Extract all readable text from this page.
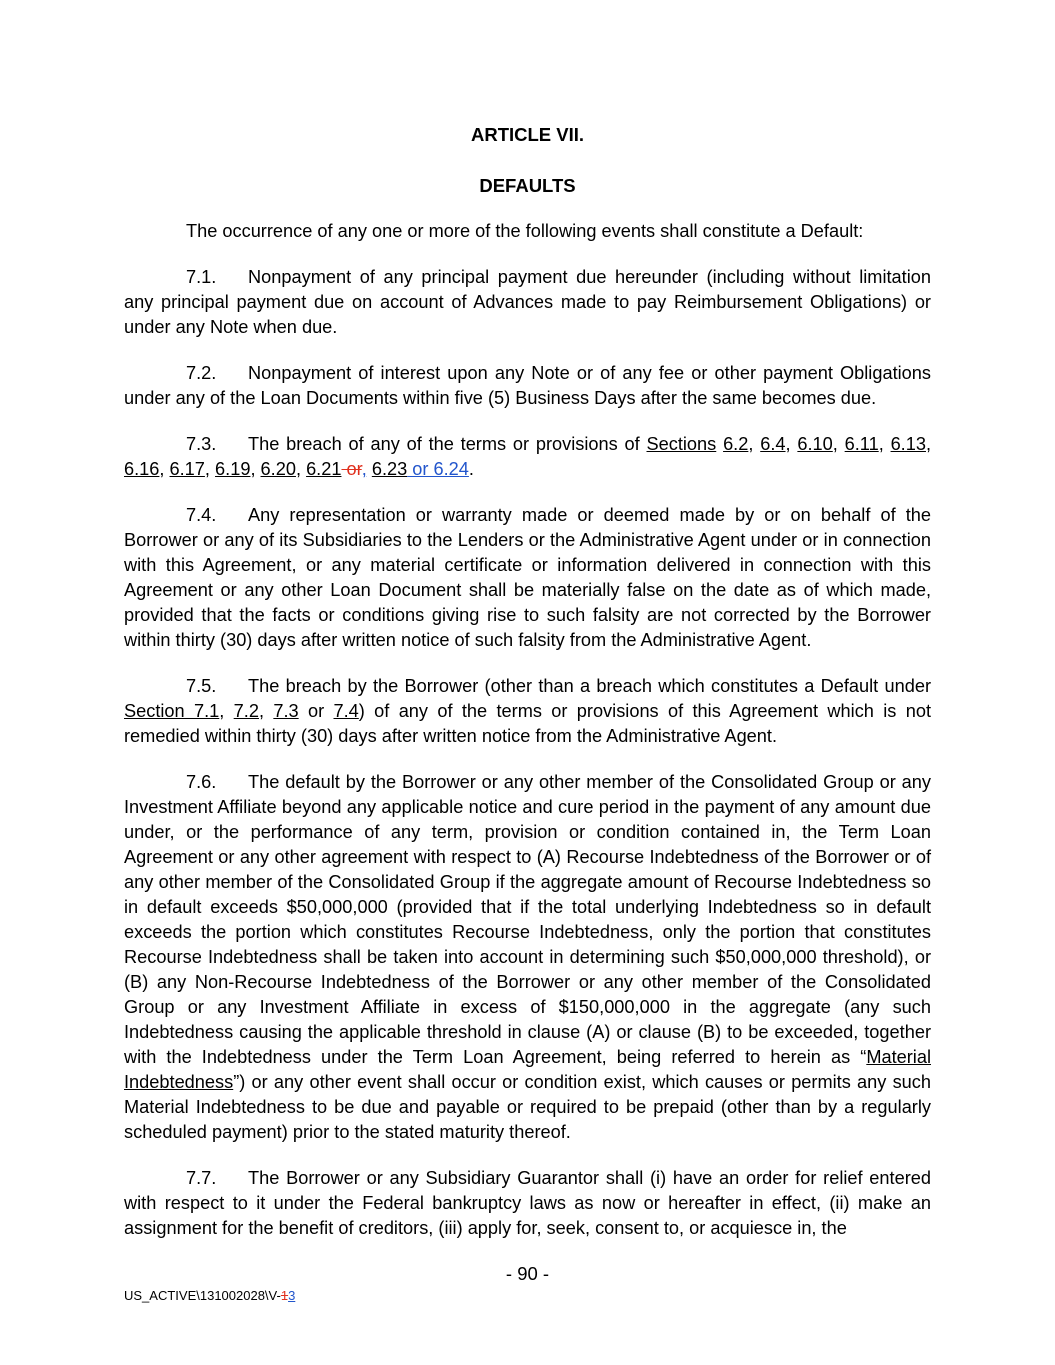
ARTICLE VII.

DEFAULTS

The occurrence of any one or more of the following events shall constitute a Default:

7.1. Nonpayment of any principal payment due hereunder (including without limitation any principal payment due on account of Advances made to pay Reimbursement Obligations) or under any Note when due.

7.2. Nonpayment of interest upon any Note or of any fee or other payment Obligations under any of the Loan Documents within five (5) Business Days after the same becomes due.

7.3. The breach of any of the terms or provisions of Sections 6.2, 6.4, 6.10, 6.11, 6.13, 6.16, 6.17, 6.19, 6.20, 6.21 or, 6.23 or 6.24.

7.4. Any representation or warranty made or deemed made by or on behalf of the Borrower or any of its Subsidiaries to the Lenders or the Administrative Agent under or in connection with this Agreement, or any material certificate or information delivered in connection with this Agreement or any other Loan Document shall be materially false on the date as of which made, provided that the facts or conditions giving rise to such falsity are not corrected by the Borrower within thirty (30) days after written notice of such falsity from the Administrative Agent.

7.5. The breach by the Borrower (other than a breach which constitutes a Default under Section 7.1, 7.2, 7.3 or 7.4) of any of the terms or provisions of this Agreement which is not remedied within thirty (30) days after written notice from the Administrative Agent.

7.6. The default by the Borrower or any other member of the Consolidated Group or any Investment Affiliate beyond any applicable notice and cure period in the payment of any amount due under, or the performance of any term, provision or condition contained in, the Term Loan Agreement or any other agreement with respect to (A) Recourse Indebtedness of the Borrower or of any other member of the Consolidated Group if the aggregate amount of Recourse Indebtedness so in default exceeds $50,000,000 (provided that if the total underlying Indebtedness so in default exceeds the portion which constitutes Recourse Indebtedness, only the portion that constitutes Recourse Indebtedness shall be taken into account in determining such $50,000,000 threshold), or (B) any Non-Recourse Indebtedness of the Borrower or any other member of the Consolidated Group or any Investment Affiliate in excess of $150,000,000 in the aggregate (any such Indebtedness causing the applicable threshold in clause (A) or clause (B) to be exceeded, together with the Indebtedness under the Term Loan Agreement, being referred to herein as “Material Indebtedness”) or any other event shall occur or condition exist, which causes or permits any such Material Indebtedness to be due and payable or required to be prepaid (other than by a regularly scheduled payment) prior to the stated maturity thereof.

7.7. The Borrower or any Subsidiary Guarantor shall (i) have an order for relief entered with respect to it under the Federal bankruptcy laws as now or hereafter in effect, (ii) make an assignment for the benefit of creditors, (iii) apply for, seek, consent to, or acquiesce in, the

- 90 -
US_ACTIVE\131002028\V-13
